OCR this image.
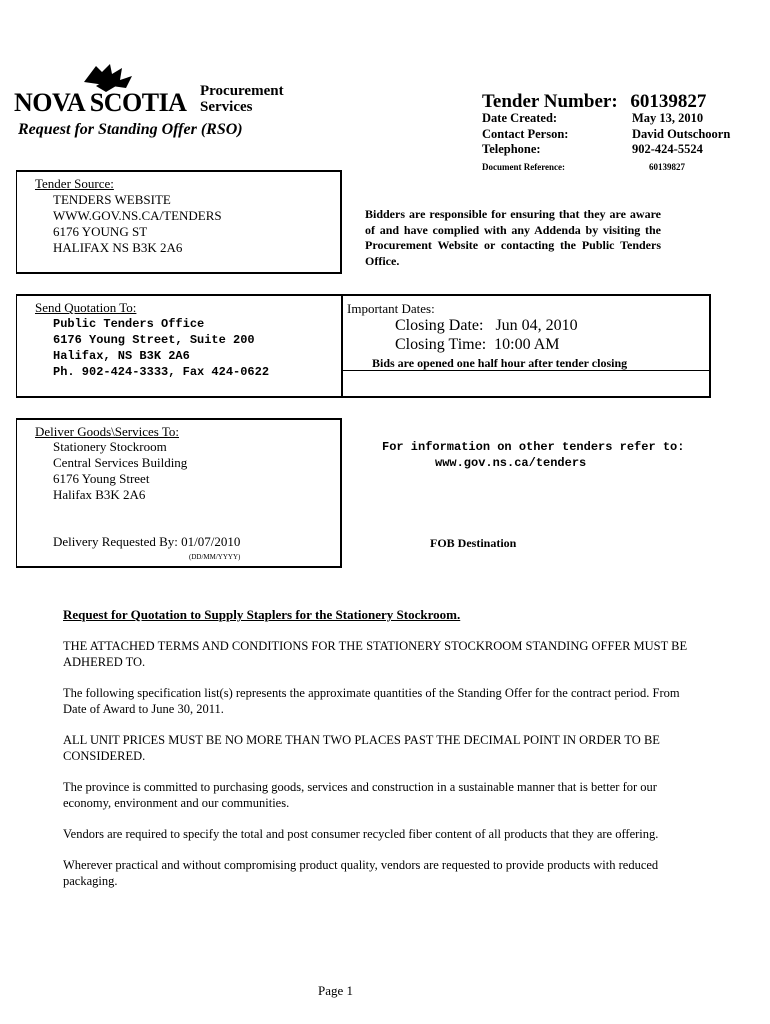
NOVA SCOTIA Procurement
Services
Request for Standing Offer (RSO)
Tender Number: 60139827
Date Created:	May 13, 2010
Contact Person:	David Outschoorn
Telephone:	902-424-5524
Document Reference:	60139827
Tender Source:
TENDERS WEBSITE
WWW.GOV.NS.CA/TENDERS
6176 YOUNG ST
HALIFAX NS B3K 2A6
Bidders are responsible for ensuring that they are aware of and have complied with any Addenda by visiting the Procurement Website or contacting the Public Tenders Office.
Send Quotation To:
Public Tenders Office
6176 Young Street, Suite 200
Halifax, NS B3K 2A6
Ph. 902-424-3333, Fax 424-0622
Important Dates:
Closing Date:   Jun 04, 2010
Closing Time:  10:00 AM
Bids are opened one half hour after tender closing
Deliver Goods\Services To:
Stationery Stockroom
Central Services Building
6176 Young Street
Halifax B3K 2A6
Delivery Requested By: 01/07/2010
(DD/MM/YYYY)
For information on other tenders refer to:
www.gov.ns.ca/tenders
FOB Destination
Request for Quotation to Supply Staplers for the Stationery Stockroom.
THE ATTACHED TERMS AND CONDITIONS FOR THE STATIONERY STOCKROOM STANDING OFFER MUST BE ADHERED TO.
The following specification list(s) represents the approximate quantities of the Standing Offer for the contract period. From Date of Award to June 30, 2011.
ALL UNIT PRICES MUST BE NO MORE THAN TWO PLACES PAST THE DECIMAL POINT IN ORDER TO BE CONSIDERED.
The province is committed to purchasing goods, services and construction in a sustainable manner that is better for our economy, environment and our communities.
Vendors are required to specify the total and post consumer recycled fiber content of all products that they are offering.
Wherever practical and without compromising product quality, vendors are requested to provide products with reduced packaging.
Page 1
